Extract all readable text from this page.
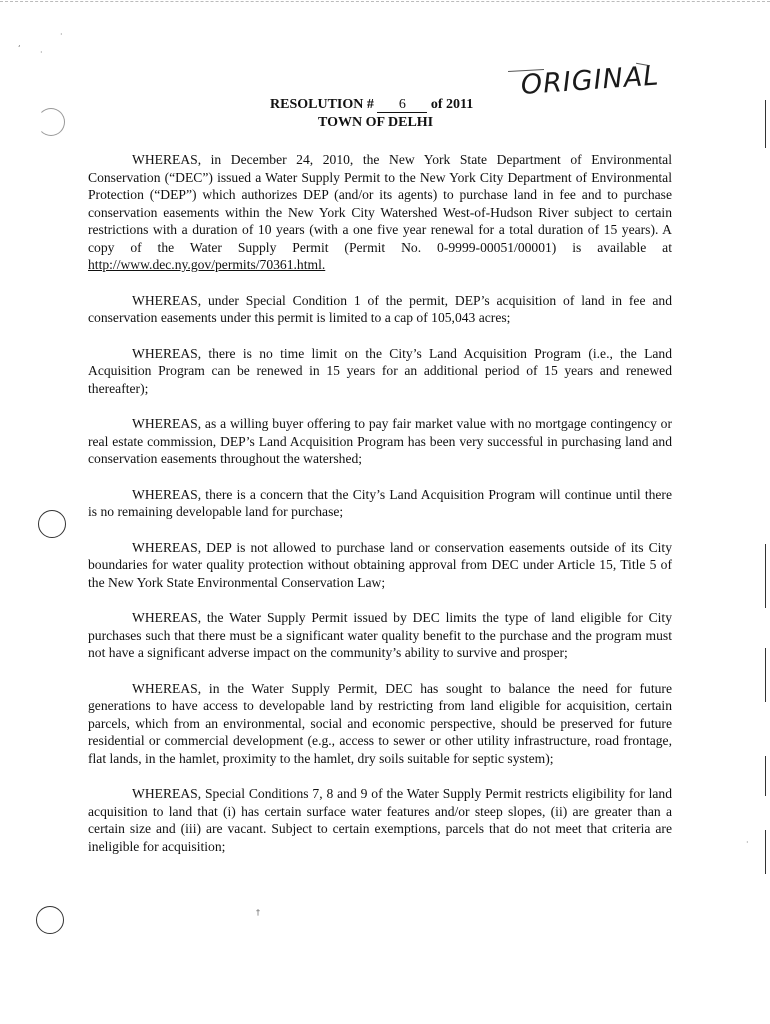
‘ ·
·
†
·
RESOLUTION # 6 of 2011
TOWN OF DELHI
ORIGINAL

WHEREAS, in December 24, 2010, the New York State Department of Environmental Conservation (“DEC”) issued a Water Supply Permit to the New York City Department of Environmental Protection (“DEP”) which authorizes DEP (and/or its agents) to purchase land in fee and to purchase conservation easements within the New York City Watershed West-of-Hudson River subject to certain restrictions with a duration of 10 years (with a one five year renewal for a total duration of 15 years). A copy of the Water Supply Permit (Permit No. 0-9999-00051/00001) is available at http://www.dec.ny.gov/permits/70361.html.

WHEREAS, under Special Condition 1 of the permit, DEP’s acquisition of land in fee and conservation easements under this permit is limited to a cap of 105,043 acres;

WHEREAS, there is no time limit on the City’s Land Acquisition Program (i.e., the Land Acquisition Program can be renewed in 15 years for an additional period of 15 years and renewed thereafter);

WHEREAS, as a willing buyer offering to pay fair market value with no mortgage contingency or real estate commission, DEP’s Land Acquisition Program has been very successful in purchasing land and conservation easements throughout the watershed;

WHEREAS, there is a concern that the City’s Land Acquisition Program will continue until there is no remaining developable land for purchase;

WHEREAS, DEP is not allowed to purchase land or conservation easements outside of its City boundaries for water quality protection without obtaining approval from DEC under Article 15, Title 5 of the New York State Environmental Conservation Law;

WHEREAS, the Water Supply Permit issued by DEC limits the type of land eligible for City purchases such that there must be a significant water quality benefit to the purchase and the program must not have a significant adverse impact on the community’s ability to survive and prosper;

WHEREAS, in the Water Supply Permit, DEC has sought to balance the need for future generations to have access to developable land by restricting from land eligible for acquisition, certain parcels, which from an environmental, social and economic perspective, should be preserved for future residential or commercial development (e.g., access to sewer or other utility infrastructure, road frontage, flat lands, in the hamlet, proximity to the hamlet, dry soils suitable for septic system);

WHEREAS, Special Conditions 7, 8 and 9 of the Water Supply Permit restricts eligibility for land acquisition to land that (i) has certain surface water features and/or steep slopes, (ii) are greater than a certain size and (iii) are vacant. Subject to certain exemptions, parcels that do not meet that criteria are ineligible for acquisition;
